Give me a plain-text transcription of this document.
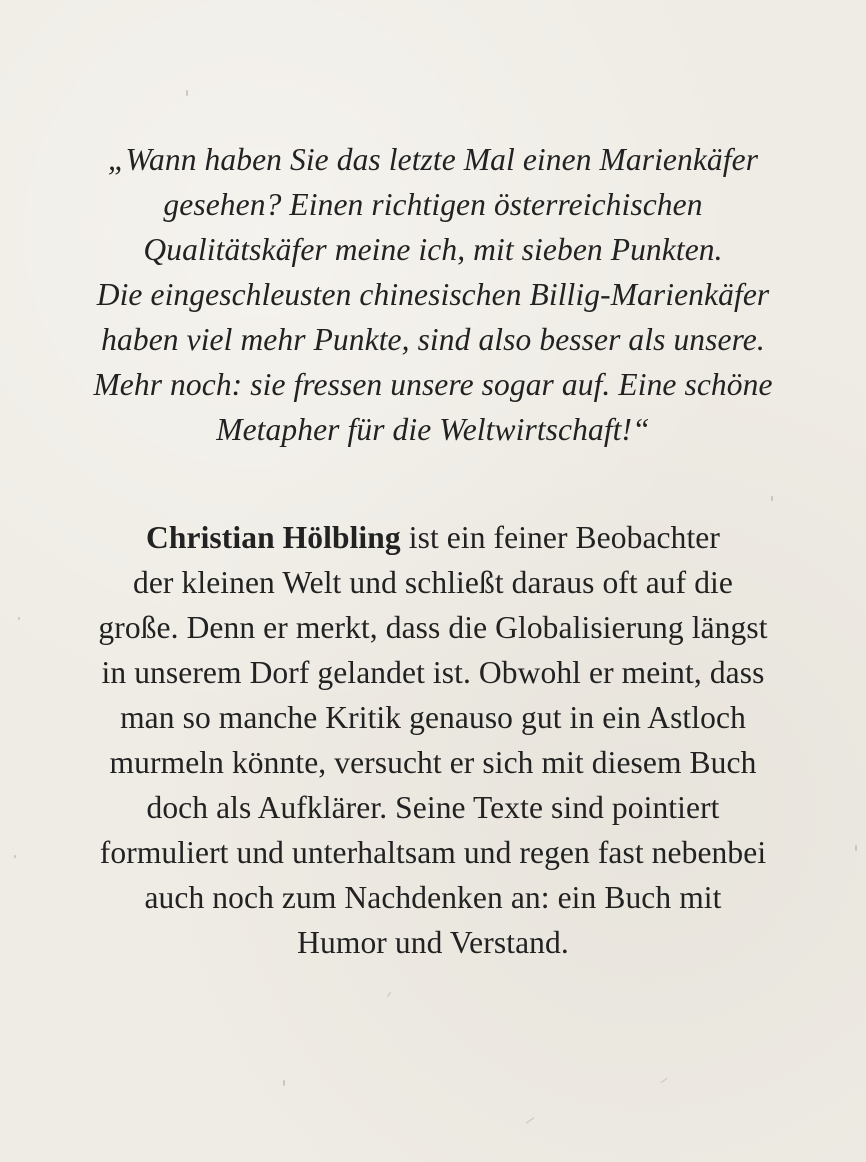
„Wann haben Sie das letzte Mal einen Marienkäfer
gesehen? Einen richtigen österreichischen
Qualitätskäfer meine ich, mit sieben Punkten.
Die eingeschleusten chinesischen Billig-Marienkäfer
haben viel mehr Punkte, sind also besser als unsere.
Mehr noch: sie fressen unsere sogar auf. Eine schöne
Metapher für die Weltwirtschaft!“
Christian Hölbling ist ein feiner Beobachter
der kleinen Welt und schließt daraus oft auf die
große. Denn er merkt, dass die Globalisierung längst
in unserem Dorf gelandet ist. Obwohl er meint, dass
man so manche Kritik genauso gut in ein Astloch
murmeln könnte, versucht er sich mit diesem Buch
doch als Aufklärer. Seine Texte sind pointiert
formuliert und unterhaltsam und regen fast nebenbei
auch noch zum Nachdenken an: ein Buch mit
Humor und Verstand.
